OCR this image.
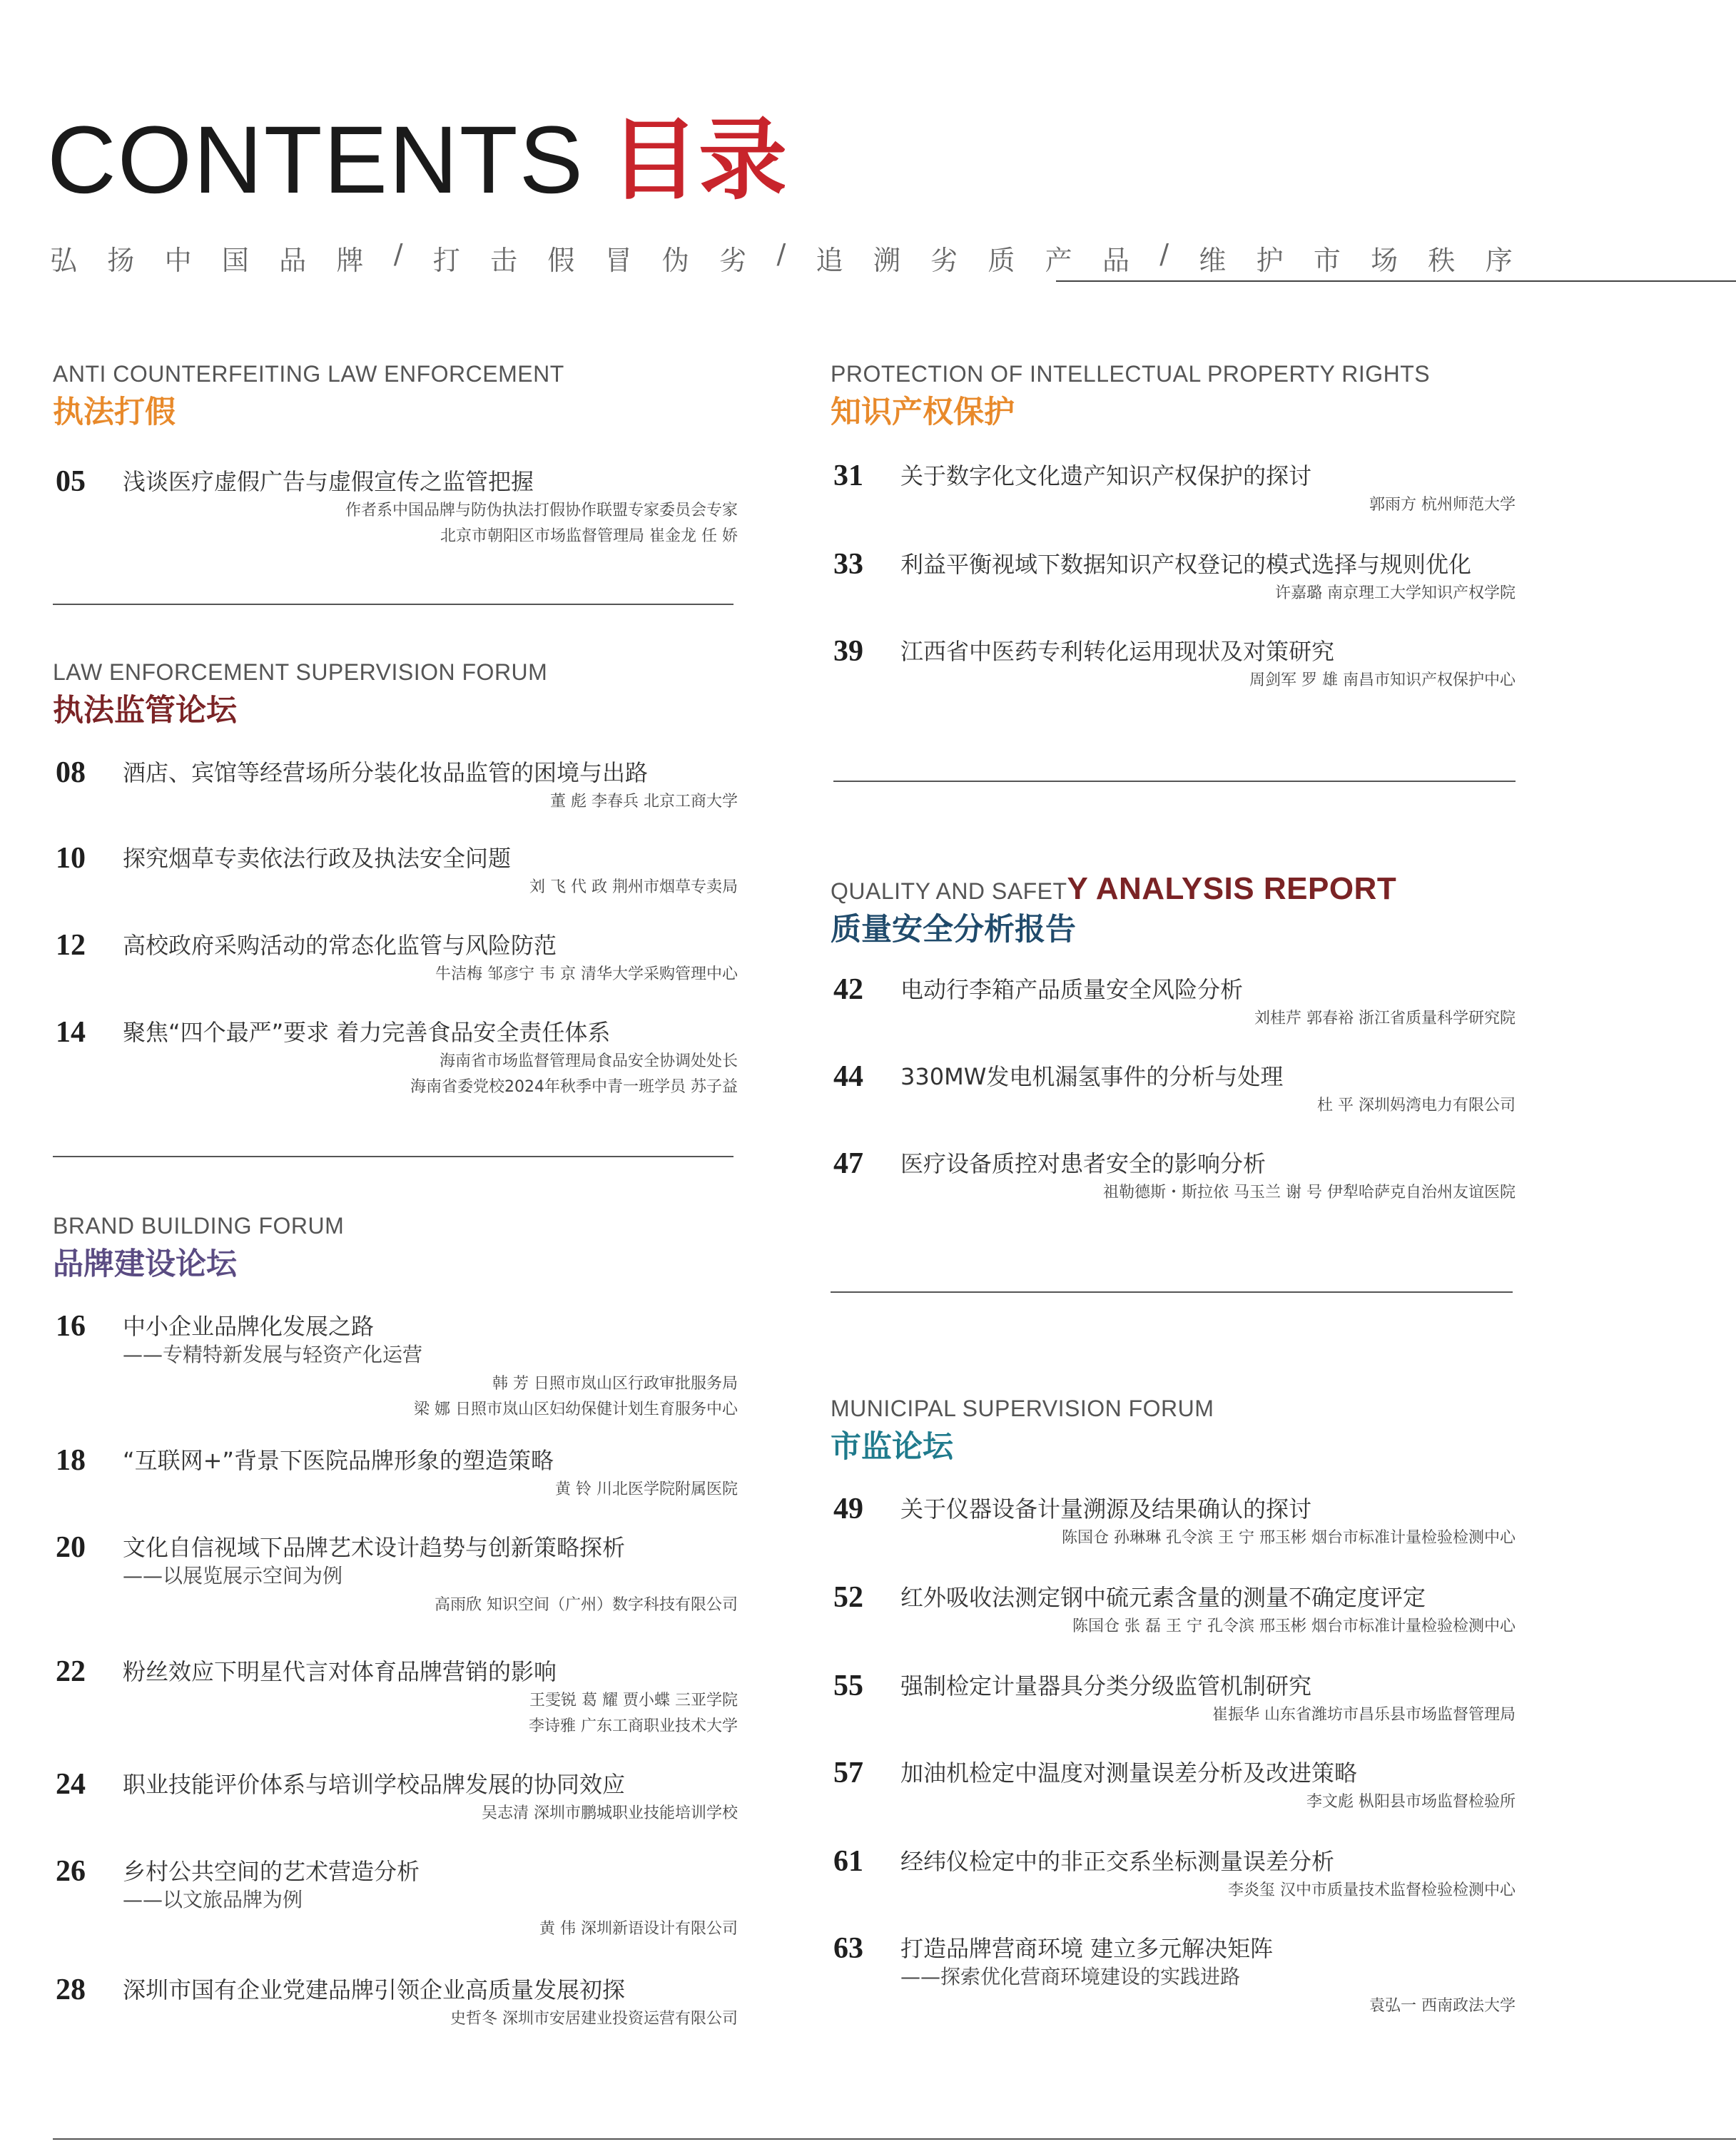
CONTENTS 目录
弘 扬 中 国 品 牌 / 打 击 假 冒 伪 劣 / 追 溯 劣 质 产 品 / 维 护 市 场 秩 序
ANTI COUNTERFEITING LAW ENFORCEMENT
执法打假
05 浅谈医疗虚假广告与虚假宣传之监管把握
作者系中国品牌与防伪执法打假协作联盟专家委员会专家
北京市朝阳区市场监督管理局 崔金龙 任 娇
LAW ENFORCEMENT SUPERVISION FORUM
执法监管论坛
08 酒店、宾馆等经营场所分装化妆品监管的困境与出路
董 彪 李春兵 北京工商大学
10 探究烟草专卖依法行政及执法安全问题
刘 飞 代 政 荆州市烟草专卖局
12 高校政府采购活动的常态化监管与风险防范
牛洁梅 邹彦宁 韦 京 清华大学采购管理中心
14 聚焦“四个最严”要求 着力完善食品安全责任体系
海南省市场监督管理局食品安全协调处处长
海南省委党校2024年秋季中青一班学员 苏子益
BRAND BUILDING FORUM
品牌建设论坛
16 中小企业品牌化发展之路
——专精特新发展与轻资产化运营
韩 芳 日照市岚山区行政审批服务局
梁 娜 日照市岚山区妇幼保健计划生育服务中心
18 “互联网+”背景下医院品牌形象的塑造策略
黄 铃 川北医学院附属医院
20 文化自信视域下品牌艺术设计趋势与创新策略探析
——以展览展示空间为例
高雨欣 知识空间（广州）数字科技有限公司
22 粉丝效应下明星代言对体育品牌营销的影响
王雯锐 葛 耀 贾小蝶 三亚学院
李诗雅 广东工商职业技术大学
24 职业技能评价体系与培训学校品牌发展的协同效应
吴志清 深圳市鹏城职业技能培训学校
26 乡村公共空间的艺术营造分析
——以文旅品牌为例
黄 伟 深圳新语设计有限公司
28 深圳市国有企业党建品牌引领企业高质量发展初探
史哲冬 深圳市安居建业投资运营有限公司
PROTECTION OF INTELLECTUAL PROPERTY RIGHTS
知识产权保护
31 关于数字化文化遗产知识产权保护的探讨
郭雨方 杭州师范大学
33 利益平衡视域下数据知识产权登记的模式选择与规则优化
许嘉璐 南京理工大学知识产权学院
39 江西省中医药专利转化运用现状及对策研究
周剑军 罗 雄 南昌市知识产权保护中心
QUALITY AND SAFETY ANALYSIS REPORT
质量安全分析报告
42 电动行李箱产品质量安全风险分析
刘桂芹 郭春裕 浙江省质量科学研究院
44 330MW发电机漏氢事件的分析与处理
杜 平 深圳妈湾电力有限公司
47 医疗设备质控对患者安全的影响分析
祖勒德斯・斯拉依 马玉兰 谢 号 伊犁哈萨克自治州友谊医院
MUNICIPAL SUPERVISION FORUM
市监论坛
49 关于仪器设备计量溯源及结果确认的探讨
陈国仓 孙琳琳 孔令滨 王 宁 邢玉彬 烟台市标准计量检验检测中心
52 红外吸收法测定钢中硫元素含量的测量不确定度评定
陈国仓 张 磊 王 宁 孔令滨 邢玉彬 烟台市标准计量检验检测中心
55 强制检定计量器具分类分级监管机制研究
崔振华 山东省潍坊市昌乐县市场监督管理局
57 加油机检定中温度对测量误差分析及改进策略
李文彪 枞阳县市场监督检验所
61 经纬仪检定中的非正交系坐标测量误差分析
李炎玺 汉中市质量技术监督检验检测中心
63 打造品牌营商环境 建立多元解决矩阵
——探索优化营商环境建设的实践进路
袁弘一 西南政法大学
